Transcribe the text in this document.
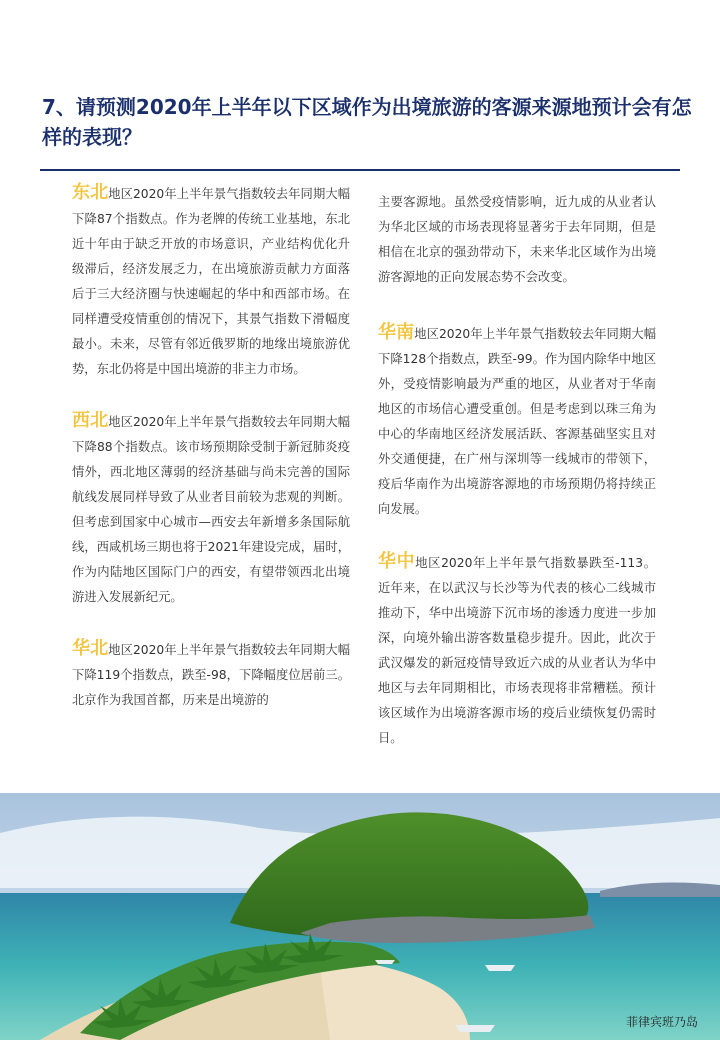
7、请预测2020年上半年以下区域作为出境旅游的客源来源地预计会有怎样的表现？

东北地区2020年上半年景气指数较去年同期大幅下降87个指数点。作为老牌的传统工业基地，东北近十年由于缺乏开放的市场意识，产业结构优化升级滞后，经济发展乏力，在出境旅游贡献力方面落后于三大经济圈与快速崛起的华中和西部市场。在同样遭受疫情重创的情况下，其景气指数下滑幅度最小。未来，尽管有邻近俄罗斯的地缘出境旅游优势，东北仍将是中国出境游的非主力市场。

西北地区2020年上半年景气指数较去年同期大幅下降88个指数点。该市场预期除受制于新冠肺炎疫情外，西北地区薄弱的经济基础与尚未完善的国际航线发展同样导致了从业者目前较为悲观的判断。但考虑到国家中心城市—西安去年新增多条国际航线，西咸机场三期也将于2021年建设完成，届时，作为内陆地区国际门户的西安，有望带领西北出境游进入发展新纪元。

华北地区2020年上半年景气指数较去年同期大幅下降119个指数点，跌至-98，下降幅度位居前三。北京作为我国首都，历来是出境游的

主要客源地。虽然受疫情影响，近九成的从业者认为华北区域的市场表现将显著劣于去年同期，但是相信在北京的强劲带动下，未来华北区域作为出境游客源地的正向发展态势不会改变。

华南地区2020年上半年景气指数较去年同期大幅下降128个指数点，跌至-99。作为国内除华中地区外，受疫情影响最为严重的地区，从业者对于华南地区的市场信心遭受重创。但是考虑到以珠三角为中心的华南地区经济发展活跃、客源基础坚实且对外交通便捷，在广州与深圳等一线城市的带领下，疫后华南作为出境游客源地的市场预期仍将持续正向发展。

华中地区2020年上半年景气指数暴跌至-113。近年来，在以武汉与长沙等为代表的核心二线城市推动下，华中出境游下沉市场的渗透力度进一步加深，向境外输出游客数量稳步提升。因此，此次于武汉爆发的新冠疫情导致近六成的从业者认为华中地区与去年同期相比，市场表现将非常糟糕。预计该区域作为出境游客源市场的疫后业绩恢复仍需时日。

菲律宾班乃岛
